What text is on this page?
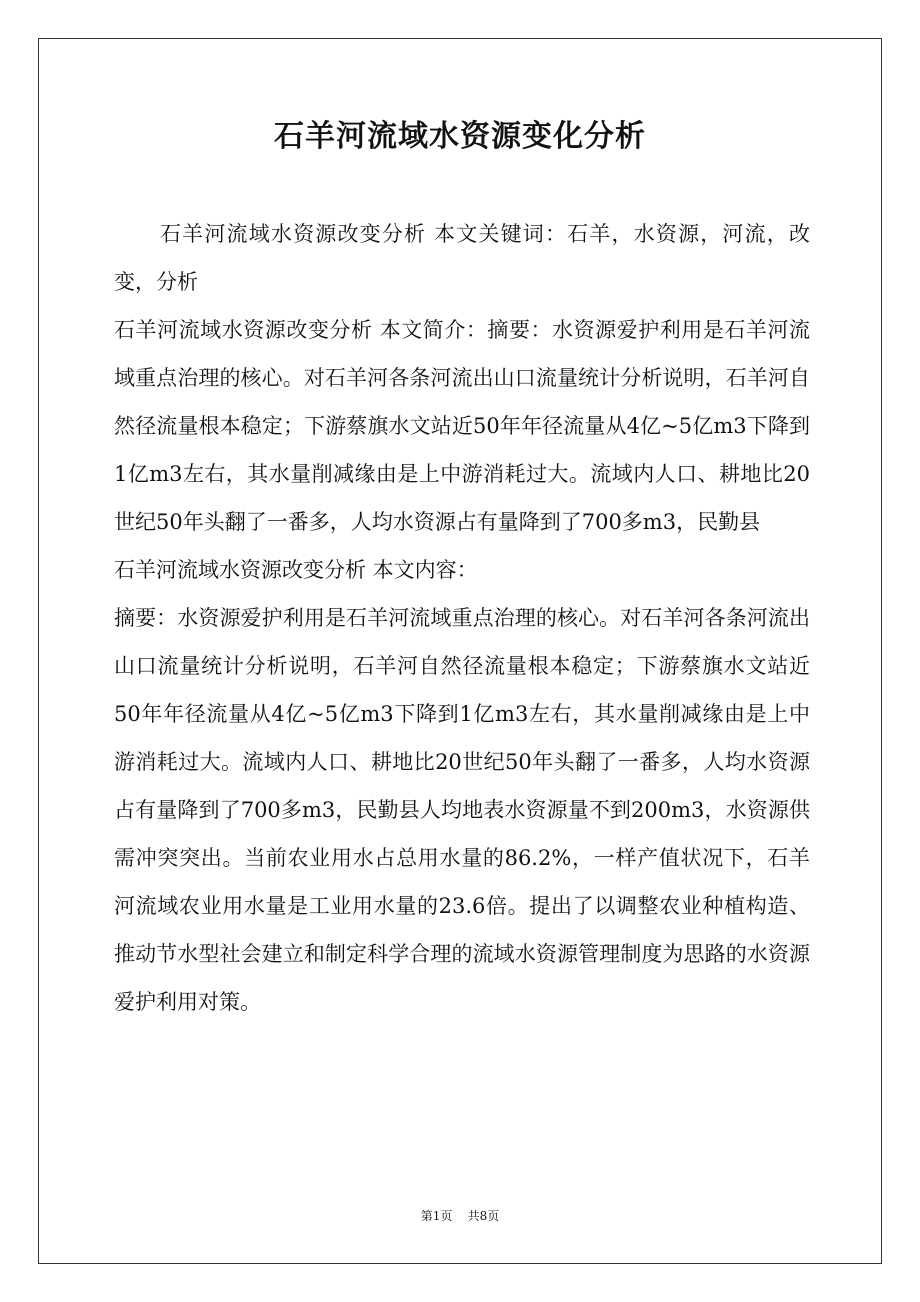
石羊河流域水资源变化分析

石羊河流域水资源改变分析 本文关键词：石羊，水资源，河流，改变，分析

石羊河流域水资源改变分析 本文简介：摘要：水资源爱护利用是石羊河流域重点治理的核心。对石羊河各条河流出山口流量统计分析说明，石羊河自然径流量根本稳定；下游蔡旗水文站近50年年径流量从4亿~5亿m3下降到1亿m3左右，其水量削减缘由是上中游消耗过大。流域内人口、耕地比20世纪50年头翻了一番多，人均水资源占有量降到了700多m3，民勤县

石羊河流域水资源改变分析 本文内容：

摘要：水资源爱护利用是石羊河流域重点治理的核心。对石羊河各条河流出山口流量统计分析说明，石羊河自然径流量根本稳定；下游蔡旗水文站近50年年径流量从4亿~5亿m3下降到1亿m3左右，其水量削减缘由是上中游消耗过大。流域内人口、耕地比20世纪50年头翻了一番多，人均水资源占有量降到了700多m3，民勤县人均地表水资源量不到200m3，水资源供需冲突突出。当前农业用水占总用水量的86.2%，一样产值状况下，石羊河流域农业用水量是工业用水量的23.6倍。提出了以调整农业种植构造、推动节水型社会建立和制定科学合理的流域水资源管理制度为思路的水资源爱护利用对策。

第1页 共8页
